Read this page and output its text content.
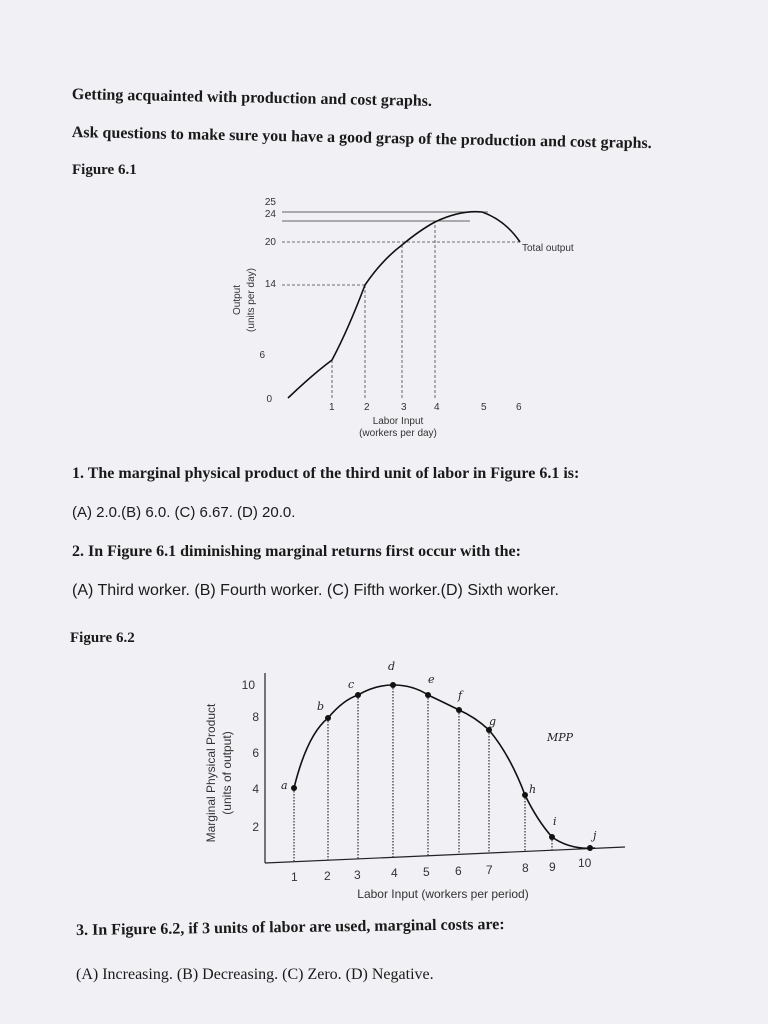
Getting acquainted with production and cost graphs.
Ask questions to make sure you have a good grasp of the production and cost graphs.
Figure 6.1
25
24
20
14
6
0
Total output
1	2	3	4	5	6
Labor Input
(workers per day)
Output (units per day)
1. The marginal physical product of the third unit of labor in Figure 6.1 is:
(A) 2.0.(B) 6.0. (C) 6.67. (D) 20.0.
2. In Figure 6.1 diminishing marginal returns first occur with the:
(A) Third worker. (B) Fourth worker. (C) Fifth worker.(D) Sixth worker.
Figure 6.2
10
8
6
4
2
a
b
c
d
e
f
g
h
i
j
MPP
1 2 3	4 5 6 7 8 9 10
Labor Input (workers per period)
Marginal Physical Product (units of output)
3. In Figure 6.2, if 3 units of labor are used, marginal costs are:
(A) Increasing. (B) Decreasing. (C) Zero. (D) Negative.
